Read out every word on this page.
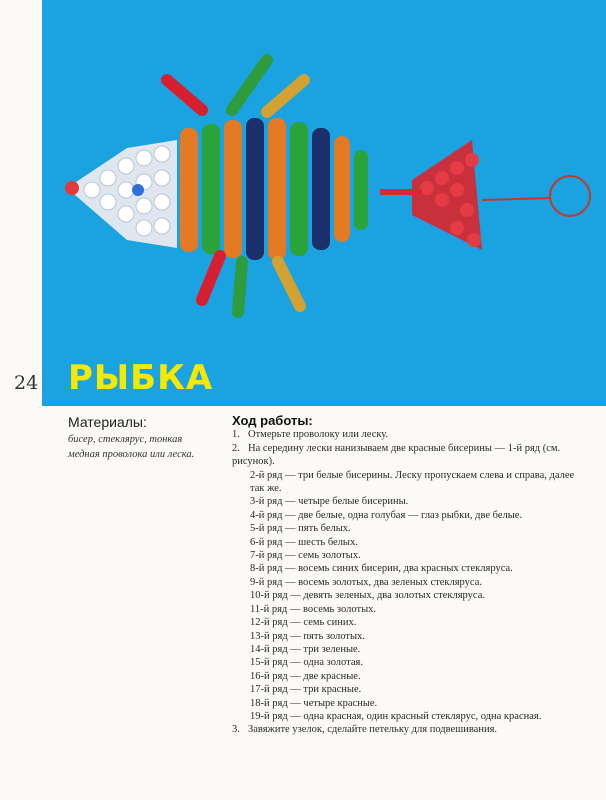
24 РЫБКА
Материалы:
бисер, стеклярус, тонкая медная проволока или леска.
Ход работы:
1. Отмерьте проволоку или леску.
2. На середину лески нанизываем две красные бисерины — 1-й ряд (см. рисунок).
2-й ряд — три белые бисерины. Леску пропускаем слева и справа, далее так же.
3-й ряд — четыре белые бисерины.
4-й ряд — две белые, одна голубая — глаз рыбки, две белые.
5-й ряд — пять белых.
6-й ряд — шесть белых.
7-й ряд — семь золотых.
8-й ряд — восемь синих бисерин, два красных стекляруса.
9-й ряд — восемь золотых, два зеленых стекляруса.
10-й ряд — девять зеленых, два золотых стекляруса.
11-й ряд — восемь золотых.
12-й ряд — семь синих.
13-й ряд — пять золотых.
14-й ряд — три зеленые.
15-й ряд — одна золотая.
16-й ряд — две красные.
17-й ряд — три красные.
18-й ряд — четыре красные.
19-й ряд — одна красная, один красный стеклярус, одна красная.
3. Завяжите узелок, сделайте петельку для подвешивания.
